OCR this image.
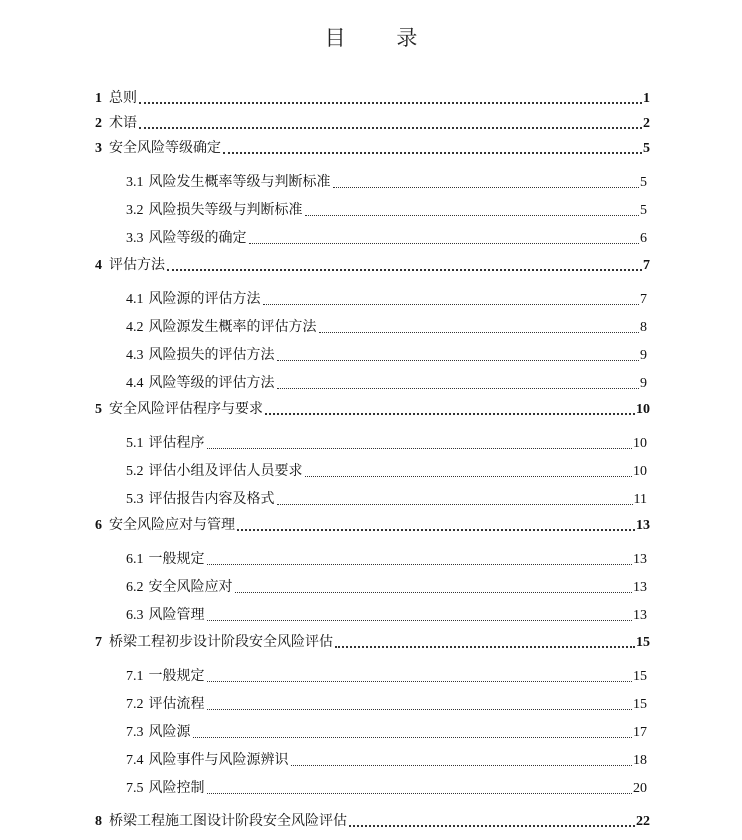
目 录
1 总则	1
2 术语	2
3 安全风险等级确定	5
3.1 风险发生概率等级与判断标准	5
3.2 风险损失等级与判断标准	5
3.3 风险等级的确定	6
4 评估方法	7
4.1 风险源的评估方法	7
4.2 风险源发生概率的评估方法	8
4.3 风险损失的评估方法	9
4.4 风险等级的评估方法	9
5 安全风险评估程序与要求	10
5.1 评估程序	10
5.2 评估小组及评估人员要求	10
5.3 评估报告内容及格式	11
6 安全风险应对与管理	13
6.1 一般规定	13
6.2 安全风险应对	13
6.3 风险管理	13
7 桥梁工程初步设计阶段安全风险评估	15
7.1 一般规定	15
7.2 评估流程	15
7.3 风险源	17
7.4 风险事件与风险源辨识	18
7.5 风险控制	20
8 桥梁工程施工图设计阶段安全风险评估	22
